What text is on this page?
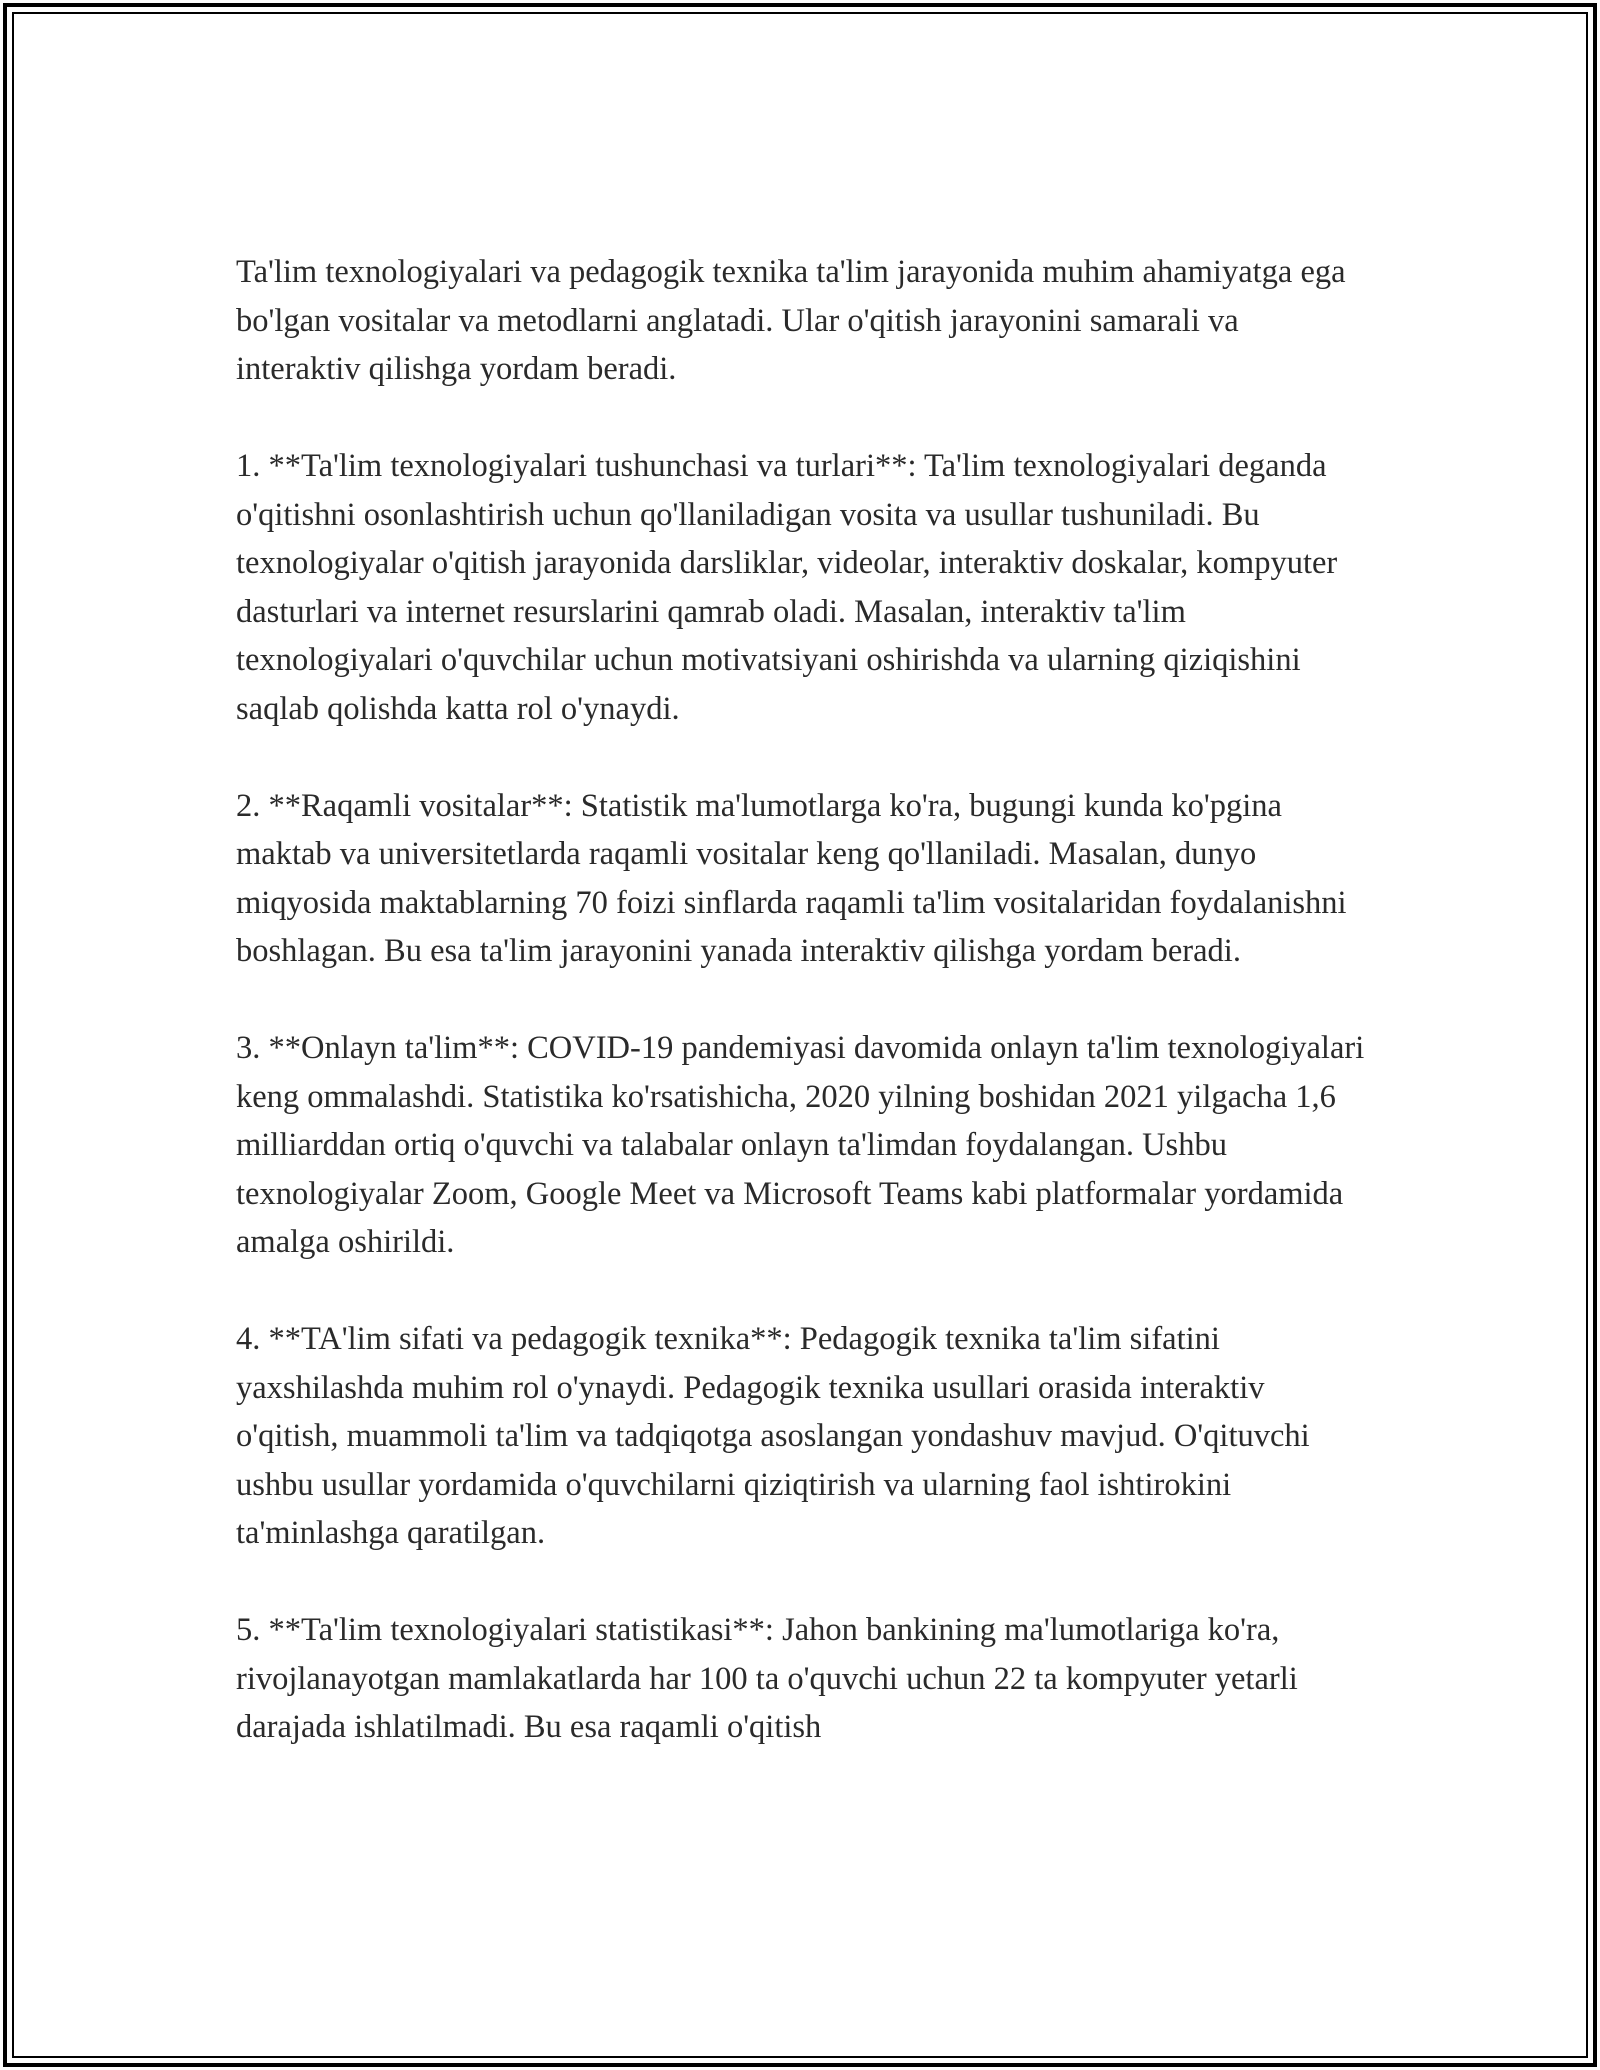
Ta'lim texnologiyalari va pedagogik texnika ta'lim jarayonida muhim ahamiyatga ega bo'lgan vositalar va metodlarni anglatadi. Ular o'qitish jarayonini samarali va interaktiv qilishga yordam beradi.

1. **Ta'lim texnologiyalari tushunchasi va turlari**: Ta'lim texnologiyalari deganda o'qitishni osonlashtirish uchun qo'llaniladigan vosita va usullar tushuniladi. Bu texnologiyalar o'qitish jarayonida darsliklar, videolar, interaktiv doskalar, kompyuter dasturlari va internet resurslarini qamrab oladi. Masalan, interaktiv ta'lim texnologiyalari o'quvchilar uchun motivatsiyani oshirishda va ularning qiziqishini saqlab qolishda katta rol o'ynaydi.

2. **Raqamli vositalar**: Statistik ma'lumotlarga ko'ra, bugungi kunda ko'pgina maktab va universitetlarda raqamli vositalar keng qo'llaniladi. Masalan, dunyo miqyosida maktablarning 70 foizi sinflarda raqamli ta'lim vositalaridan foydalanishni boshlagan. Bu esa ta'lim jarayonini yanada interaktiv qilishga yordam beradi.

3. **Onlayn ta'lim**: COVID-19 pandemiyasi davomida onlayn ta'lim texnologiyalari keng ommalashdi. Statistika ko'rsatishicha, 2020 yilning boshidan 2021 yilgacha 1,6 milliarddan ortiq o'quvchi va talabalar onlayn ta'limdan foydalangan. Ushbu texnologiyalar Zoom, Google Meet va Microsoft Teams kabi platformalar yordamida amalga oshirildi.

4. **TA'lim sifati va pedagogik texnika**: Pedagogik texnika ta'lim sifatini yaxshilashda muhim rol o'ynaydi. Pedagogik texnika usullari orasida interaktiv o'qitish, muammoli ta'lim va tadqiqotga asoslangan yondashuv mavjud. O'qituvchi ushbu usullar yordamida o'quvchilarni qiziqtirish va ularning faol ishtirokini ta'minlashga qaratilgan.

5. **Ta'lim texnologiyalari statistikasi**: Jahon bankining ma'lumotlariga ko'ra, rivojlanayotgan mamlakatlarda har 100 ta o'quvchi uchun 22 ta kompyuter yetarli darajada ishlatilmadi. Bu esa raqamli o'qitish
